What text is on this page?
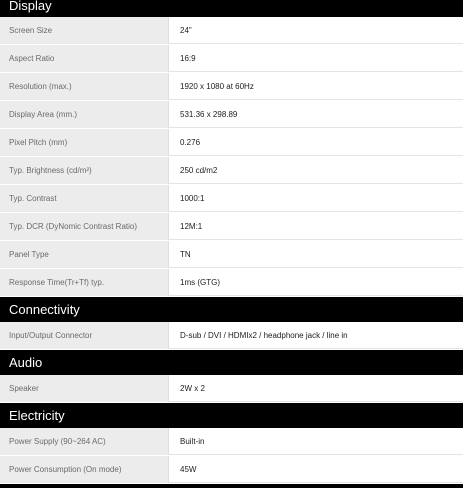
Display
Screen Size	24"
Aspect Ratio	16:9
Resolution (max.)	1920 x 1080 at 60Hz
Display Area (mm.)	531.36 x 298.89
Pixel Pitch (mm)	0.276
Typ. Brightness (cd/m²)	250 cd/m2
Typ. Contrast	1000:1
Typ. DCR (DyNomic Contrast Ratio)	12M:1
Panel Type	TN
Response Time(Tr+Tf) typ.	1ms (GTG)
Connectivity
Input/Output Connector	D-sub / DVI / HDMIx2 / headphone jack / line in
Audio
Speaker	2W x 2
Electricity
Power Supply (90~264 AC)	Built-in
Power Consumption (On mode)	45W
